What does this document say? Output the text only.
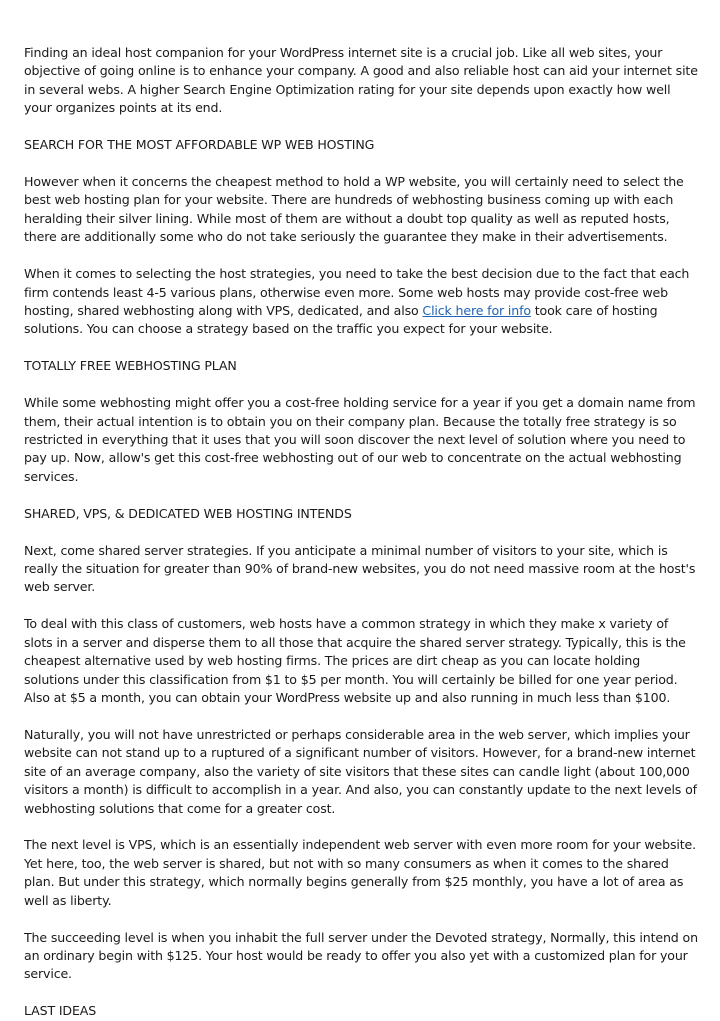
Finding an ideal host companion for your WordPress internet site is a crucial job. Like all web sites, your objective of going online is to enhance your company. A good and also reliable host can aid your internet site in several webs. A higher Search Engine Optimization rating for your site depends upon exactly how well your organizes points at its end.

SEARCH FOR THE MOST AFFORDABLE WP WEB HOSTING

However when it concerns the cheapest method to hold a WP website, you will certainly need to select the best web hosting plan for your website. There are hundreds of webhosting business coming up with each heralding their silver lining. While most of them are without a doubt top quality as well as reputed hosts, there are additionally some who do not take seriously the guarantee they make in their advertisements.

When it comes to selecting the host strategies, you need to take the best decision due to the fact that each firm contends least 4-5 various plans, otherwise even more. Some web hosts may provide cost-free web hosting, shared webhosting along with VPS, dedicated, and also Click here for info took care of hosting solutions. You can choose a strategy based on the traffic you expect for your website.

TOTALLY FREE WEBHOSTING PLAN

While some webhosting might offer you a cost-free holding service for a year if you get a domain name from them, their actual intention is to obtain you on their company plan. Because the totally free strategy is so restricted in everything that it uses that you will soon discover the next level of solution where you need to pay up. Now, allow's get this cost-free webhosting out of our web to concentrate on the actual webhosting services.

SHARED, VPS, & DEDICATED WEB HOSTING INTENDS

Next, come shared server strategies. If you anticipate a minimal number of visitors to your site, which is really the situation for greater than 90% of brand-new websites, you do not need massive room at the host's web server.

To deal with this class of customers, web hosts have a common strategy in which they make x variety of slots in a server and disperse them to all those that acquire the shared server strategy. Typically, this is the cheapest alternative used by web hosting firms. The prices are dirt cheap as you can locate holding solutions under this classification from $1 to $5 per month. You will certainly be billed for one year period. Also at $5 a month, you can obtain your WordPress website up and also running in much less than $100.

Naturally, you will not have unrestricted or perhaps considerable area in the web server, which implies your website can not stand up to a ruptured of a significant number of visitors. However, for a brand-new internet site of an average company, also the variety of site visitors that these sites can candle light (about 100,000 visitors a month) is difficult to accomplish in a year. And also, you can constantly update to the next levels of webhosting solutions that come for a greater cost.

The next level is VPS, which is an essentially independent web server with even more room for your website. Yet here, too, the web server is shared, but not with so many consumers as when it comes to the shared plan. But under this strategy, which normally begins generally from $25 monthly, you have a lot of area as well as liberty.

The succeeding level is when you inhabit the full server under the Devoted strategy, Normally, this intend on an ordinary begin with $125. Your host would be ready to offer you also yet with a customized plan for your service.

LAST IDEAS
